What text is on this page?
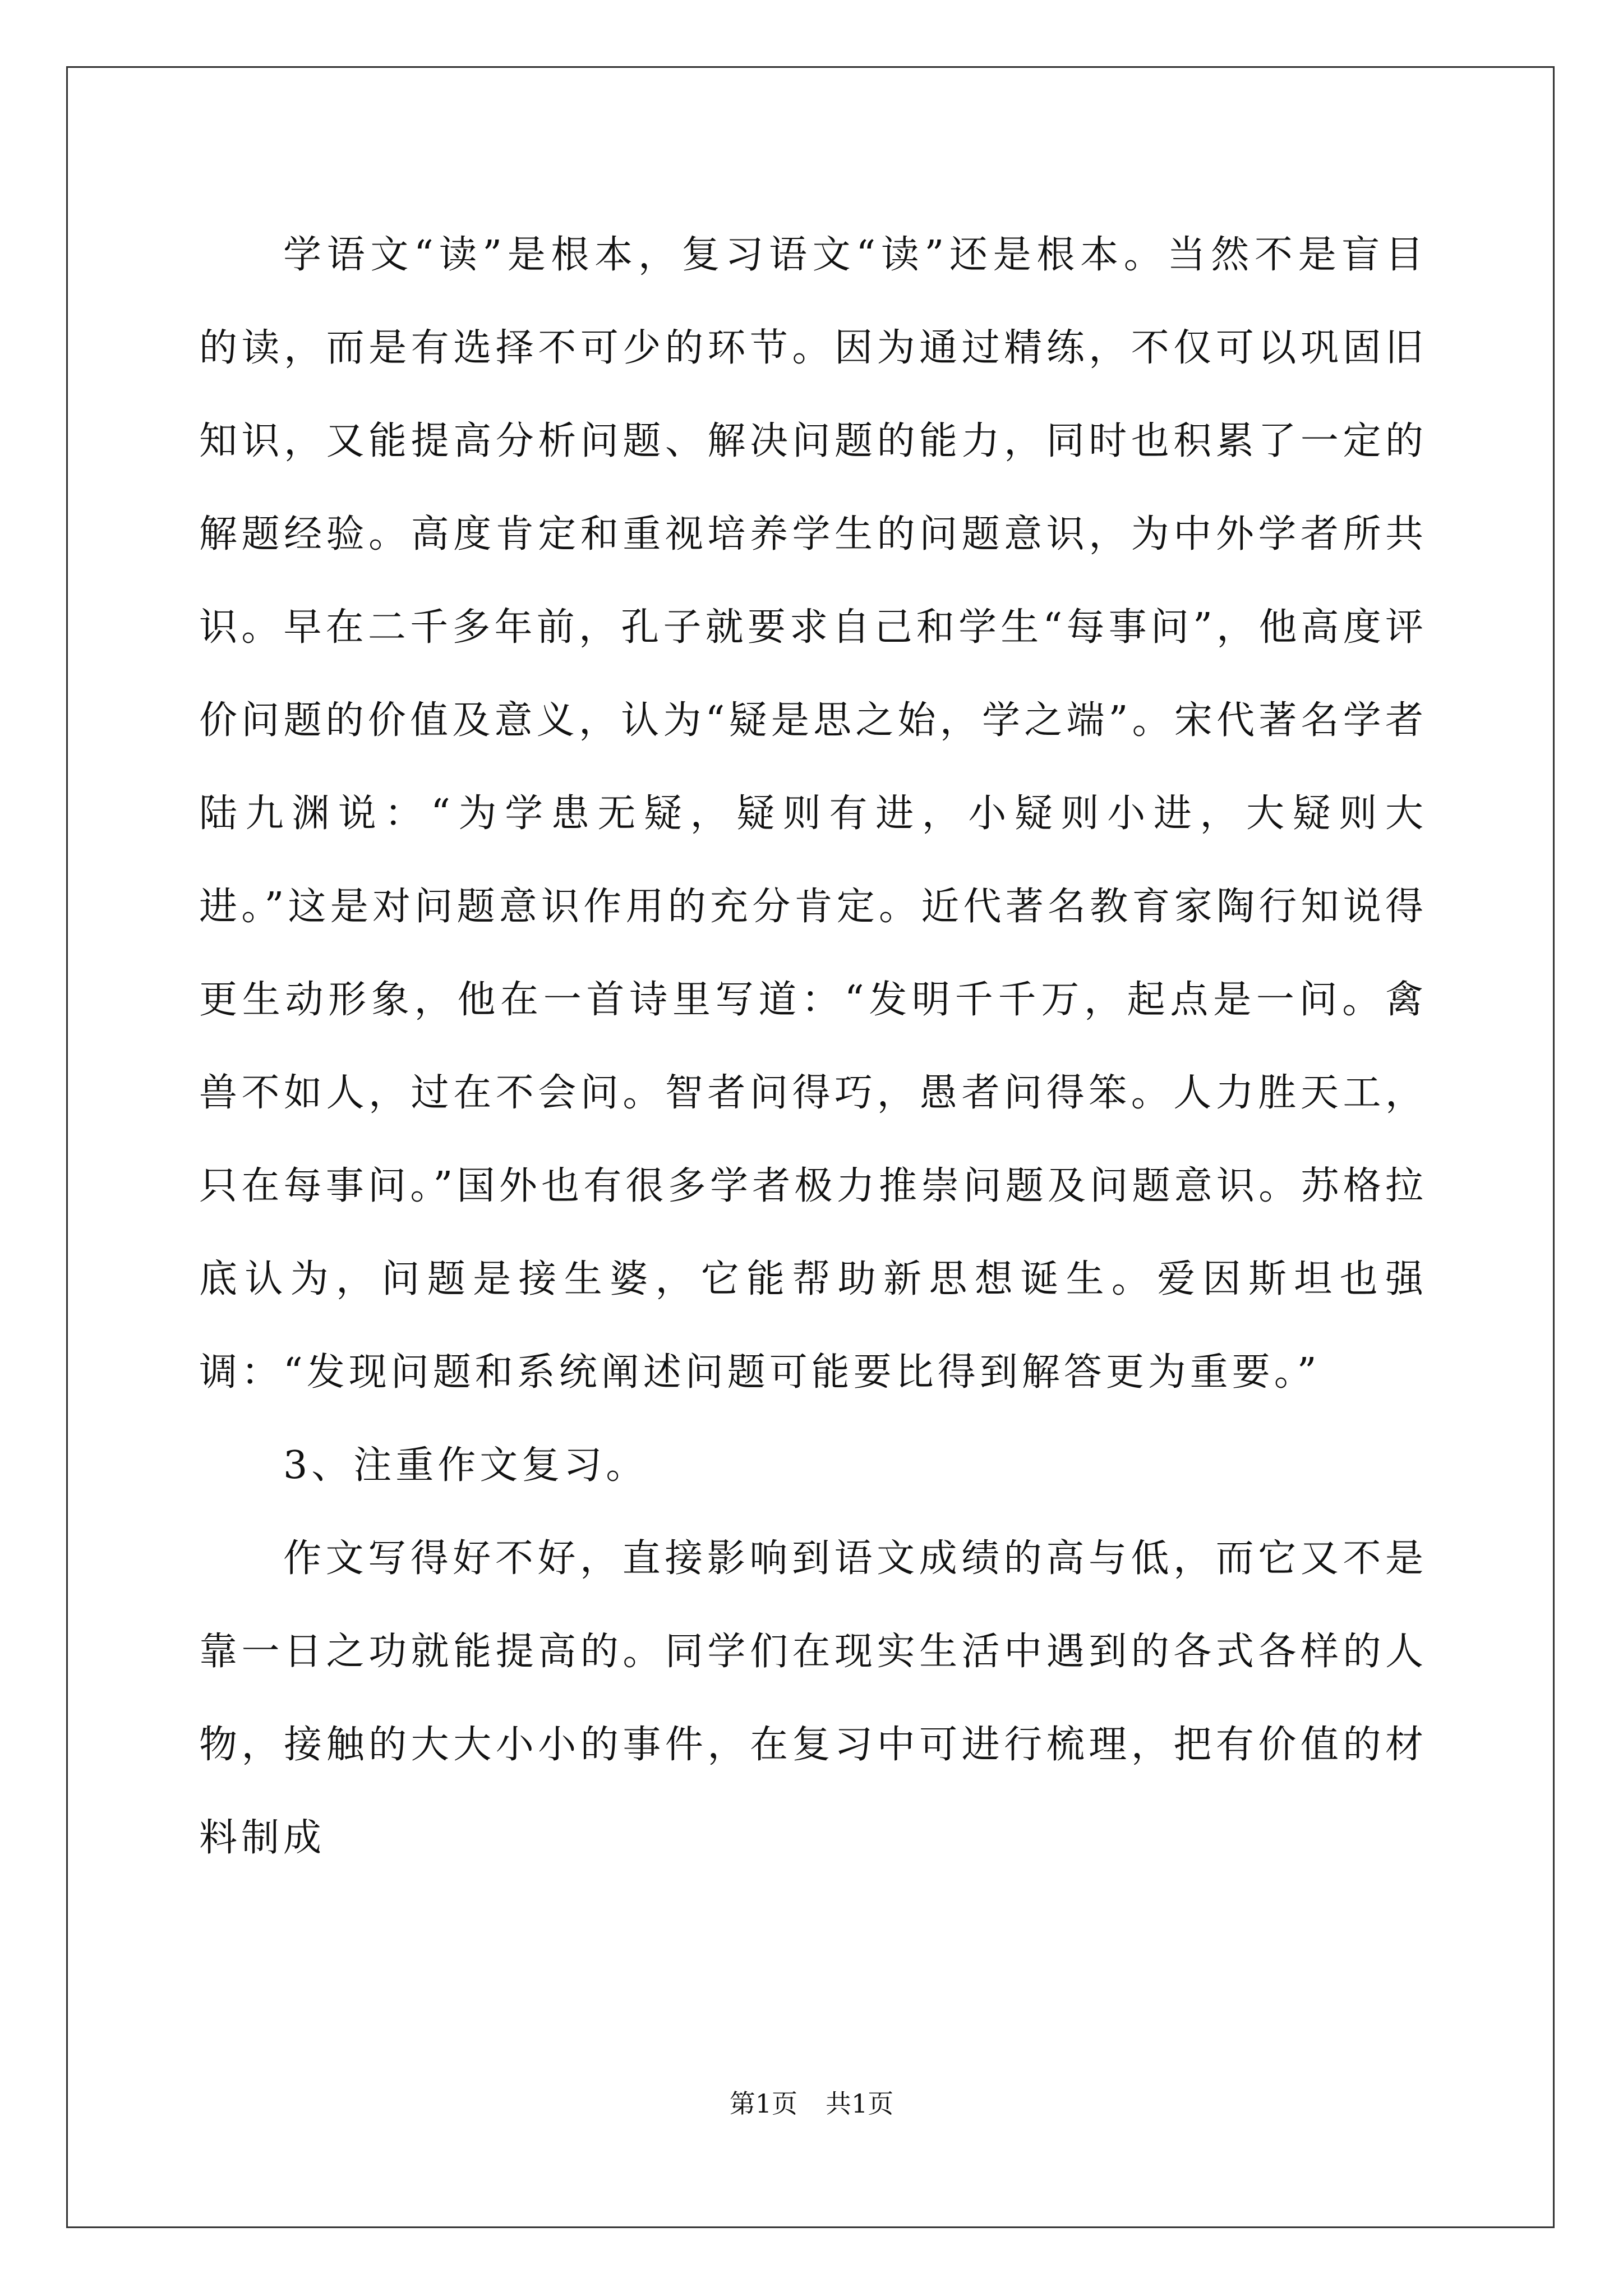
学语文“读”是根本，复习语文“读”还是根本。当然不是盲目的读，而是有选择不可少的环节。因为通过精练，不仅可以巩固旧知识，又能提高分析问题、解决问题的能力，同时也积累了一定的解题经验。高度肯定和重视培养学生的问题意识，为中外学者所共识。早在二千多年前，孔子就要求自己和学生“每事问”，他高度评价问题的价值及意义，认为“疑是思之始，学之端”。宋代著名学者陆九渊说：“为学患无疑，疑则有进，小疑则小进，大疑则大进。”这是对问题意识作用的充分肯定。近代著名教育家陶行知说得更生动形象，他在一首诗里写道：“发明千千万，起点是一问。禽兽不如人，过在不会问。智者问得巧，愚者问得笨。人力胜天工，只在每事问。”国外也有很多学者极力推崇问题及问题意识。苏格拉底认为，问题是接生婆，它能帮助新思想诞生。爱因斯坦也强调：“发现问题和系统阐述问题可能要比得到解答更为重要。”

3、注重作文复习。

作文写得好不好，直接影响到语文成绩的高与低，而它又不是靠一日之功就能提高的。同学们在现实生活中遇到的各式各样的人物，接触的大大小小的事件，在复习中可进行梳理，把有价值的材料制成

第1页 共1页
